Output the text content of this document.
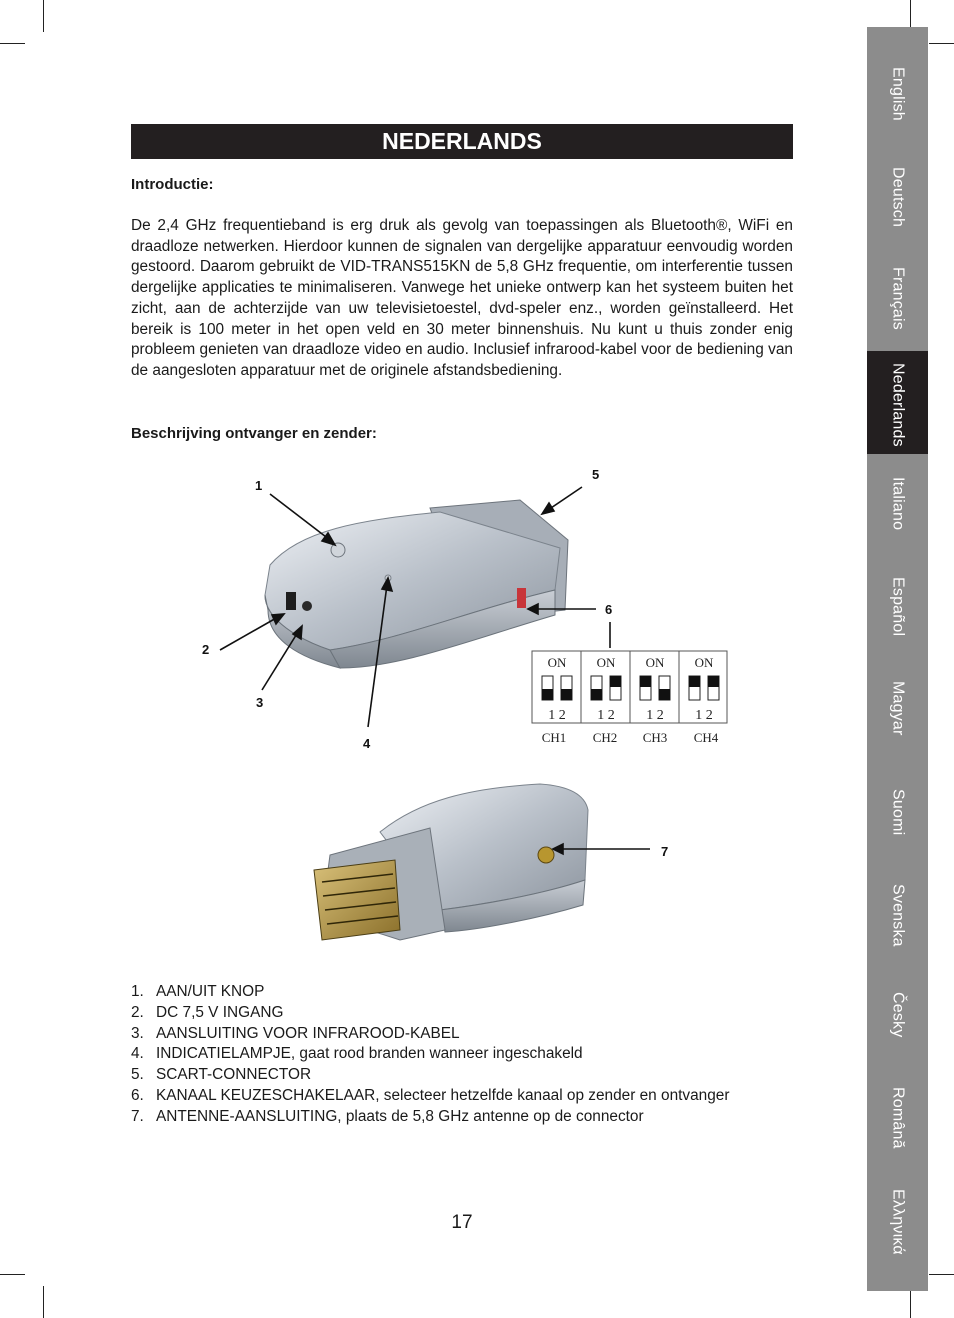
English
Deutsch
Français
Nederlands
Italiano
Español
Magyar
Suomi
Svenska
Česky
Română
Ελληνικά
NEDERLANDS
Introductie:

De 2,4 GHz frequentieband is erg druk als gevolg van toepassingen als Bluetooth®, WiFi en draadloze netwerken. Hierdoor kunnen de signalen van dergelijke apparatuur eenvoudig worden gestoord. Daarom gebruikt de VID-TRANS515KN de 5,8 GHz frequentie, om interferentie tussen dergelijke applicaties te minimaliseren. Vanwege het unieke ontwerp kan het systeem buiten het zicht, aan de achterzijde van uw televisietoestel, dvd-speler enz., worden geïnstalleerd. Het bereik is 100 meter in het open veld en 30 meter binnenshuis. Nu kunt u thuis zonder enig probleem genieten van draadloze video en audio. Inclusief infrarood-kabel voor de bediening van de aangesloten apparatuur met de originele afstandsbediening.

Beschrijving ontvanger en zender:
ON ON ON ON
1 2 1 2 1 2 1 2
CH1 CH2 CH3 CH4
1
2
3
4
5
6
7
1. AAN/UIT KNOP
2. DC 7,5 V INGANG
3. AANSLUITING VOOR INFRAROOD-KABEL
4. INDICATIELAMPJE, gaat rood branden wanneer ingeschakeld
5. SCART-CONNECTOR
6. KANAAL KEUZESCHAKELAAR, selecteer hetzelfde kanaal op zender en ontvanger
7. ANTENNE-AANSLUITING, plaats de 5,8 GHz antenne op de connector
17
